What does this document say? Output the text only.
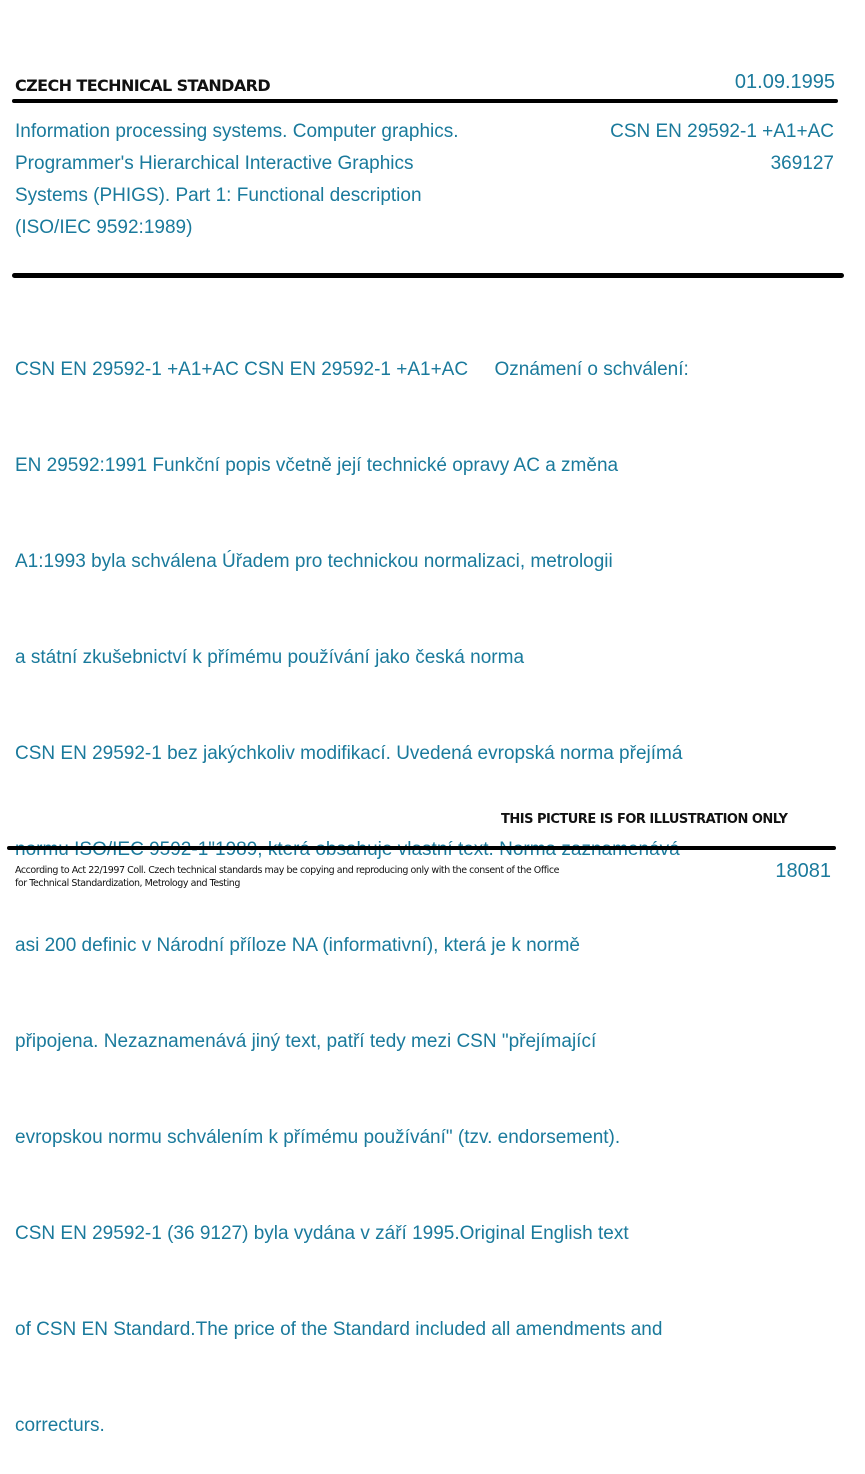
CZECH TECHNICAL STANDARD	01.09.1995
Information processing systems. Computer graphics.
Programmer's Hierarchical Interactive Graphics
Systems (PHIGS). Part 1: Functional description
(ISO/IEC 9592:1989)
CSN EN 29592-1 +A1+AC
369127

CSN EN 29592-1 +A1+AC CSN EN 29592-1 +A1+AC     Oznámení o schválení:

EN 29592:1991 Funkční popis včetně její technické opravy AC a změna

A1:1993 byla schválena Úřadem pro technickou normalizaci, metrologii

a státní zkušebnictví k přímému používání jako česká norma

CSN EN 29592-1 bez jakýchkoliv modifikací. Uvedená evropská norma přejímá

asi 200 definic v Národní příloze NA (informativní), která je k normě

připojena. Nezaznamenává jiný text, patří tedy mezi CSN "přejímající

evropskou normu schválením k přímému používání" (tzv. endorsement).

CSN EN 29592-1 (36 9127) byla vydána v září 1995.Original English text

of CSN EN Standard.The price of the Standard included all amendments and

correcturs.

THIS PICTURE IS FOR ILLUSTRATION ONLY
According to Act 22/1997 Coll. Czech technical standards may be copying and reproducing only with the consent of the Office
for Technical Standardization, Metrology and Testing
18081
